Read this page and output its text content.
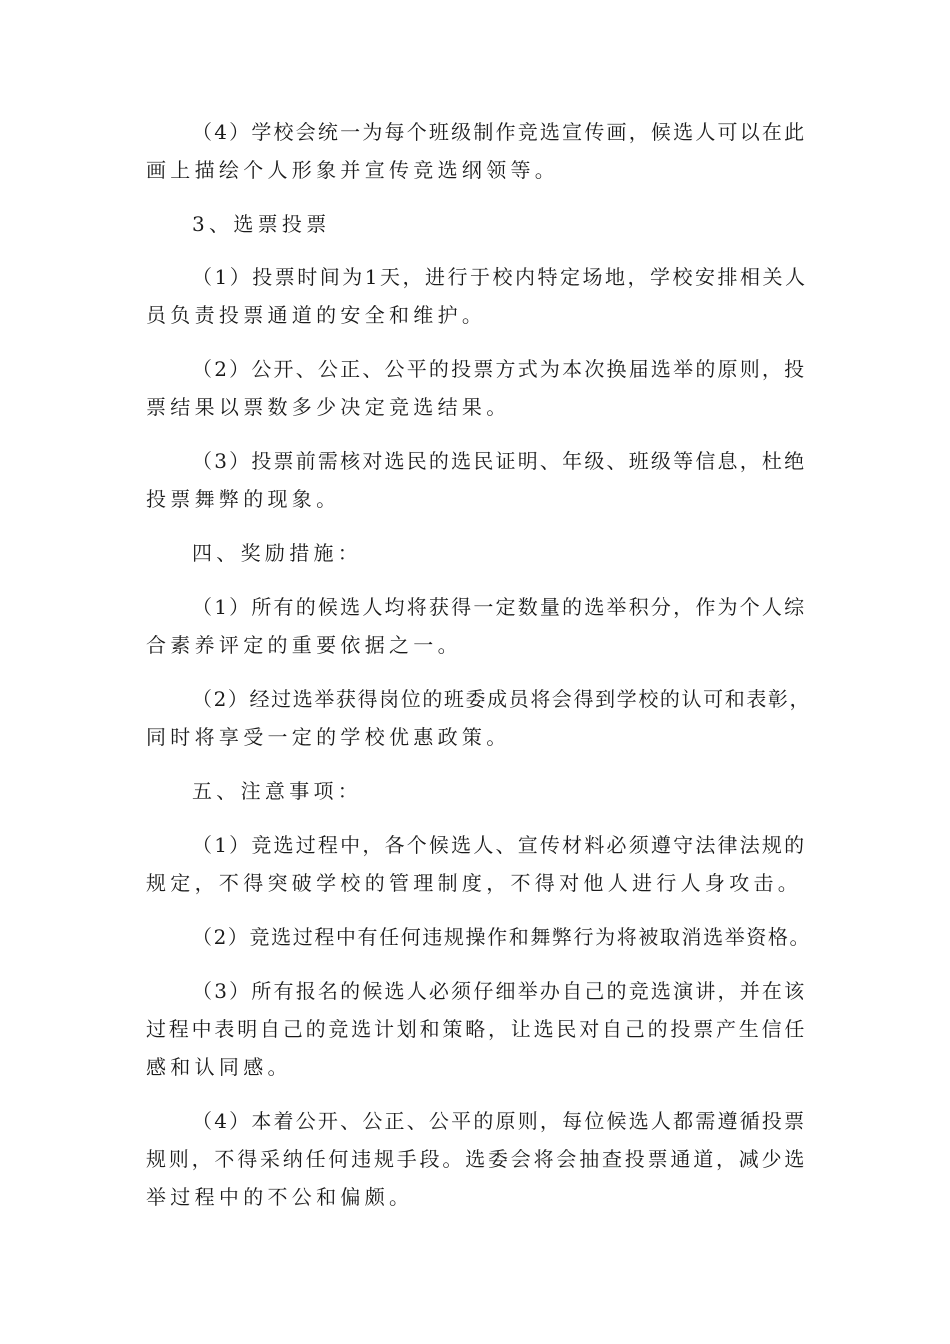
（4）学校会统一为每个班级制作竞选宣传画，候选人可以在此
画上描绘个人形象并宣传竞选纲领等。
3、选票投票
（1）投票时间为1天，进行于校内特定场地，学校安排相关人
员负责投票通道的安全和维护。
（2）公开、公正、公平的投票方式为本次换届选举的原则，投
票结果以票数多少决定竞选结果。
（3）投票前需核对选民的选民证明、年级、班级等信息，杜绝
投票舞弊的现象。
四、奖励措施：
（1）所有的候选人均将获得一定数量的选举积分，作为个人综
合素养评定的重要依据之一。
（2）经过选举获得岗位的班委成员将会得到学校的认可和表彰，
同时将享受一定的学校优惠政策。
五、注意事项：
（1）竞选过程中，各个候选人、宣传材料必须遵守法律法规的
规定，不得突破学校的管理制度，不得对他人进行人身攻击。
（2）竞选过程中有任何违规操作和舞弊行为将被取消选举资格。
（3）所有报名的候选人必须仔细举办自己的竞选演讲，并在该
过程中表明自己的竞选计划和策略，让选民对自己的投票产生信任
感和认同感。
（4）本着公开、公正、公平的原则，每位候选人都需遵循投票
规则，不得采纳任何违规手段。选委会将会抽查投票通道，减少选
举过程中的不公和偏颇。
